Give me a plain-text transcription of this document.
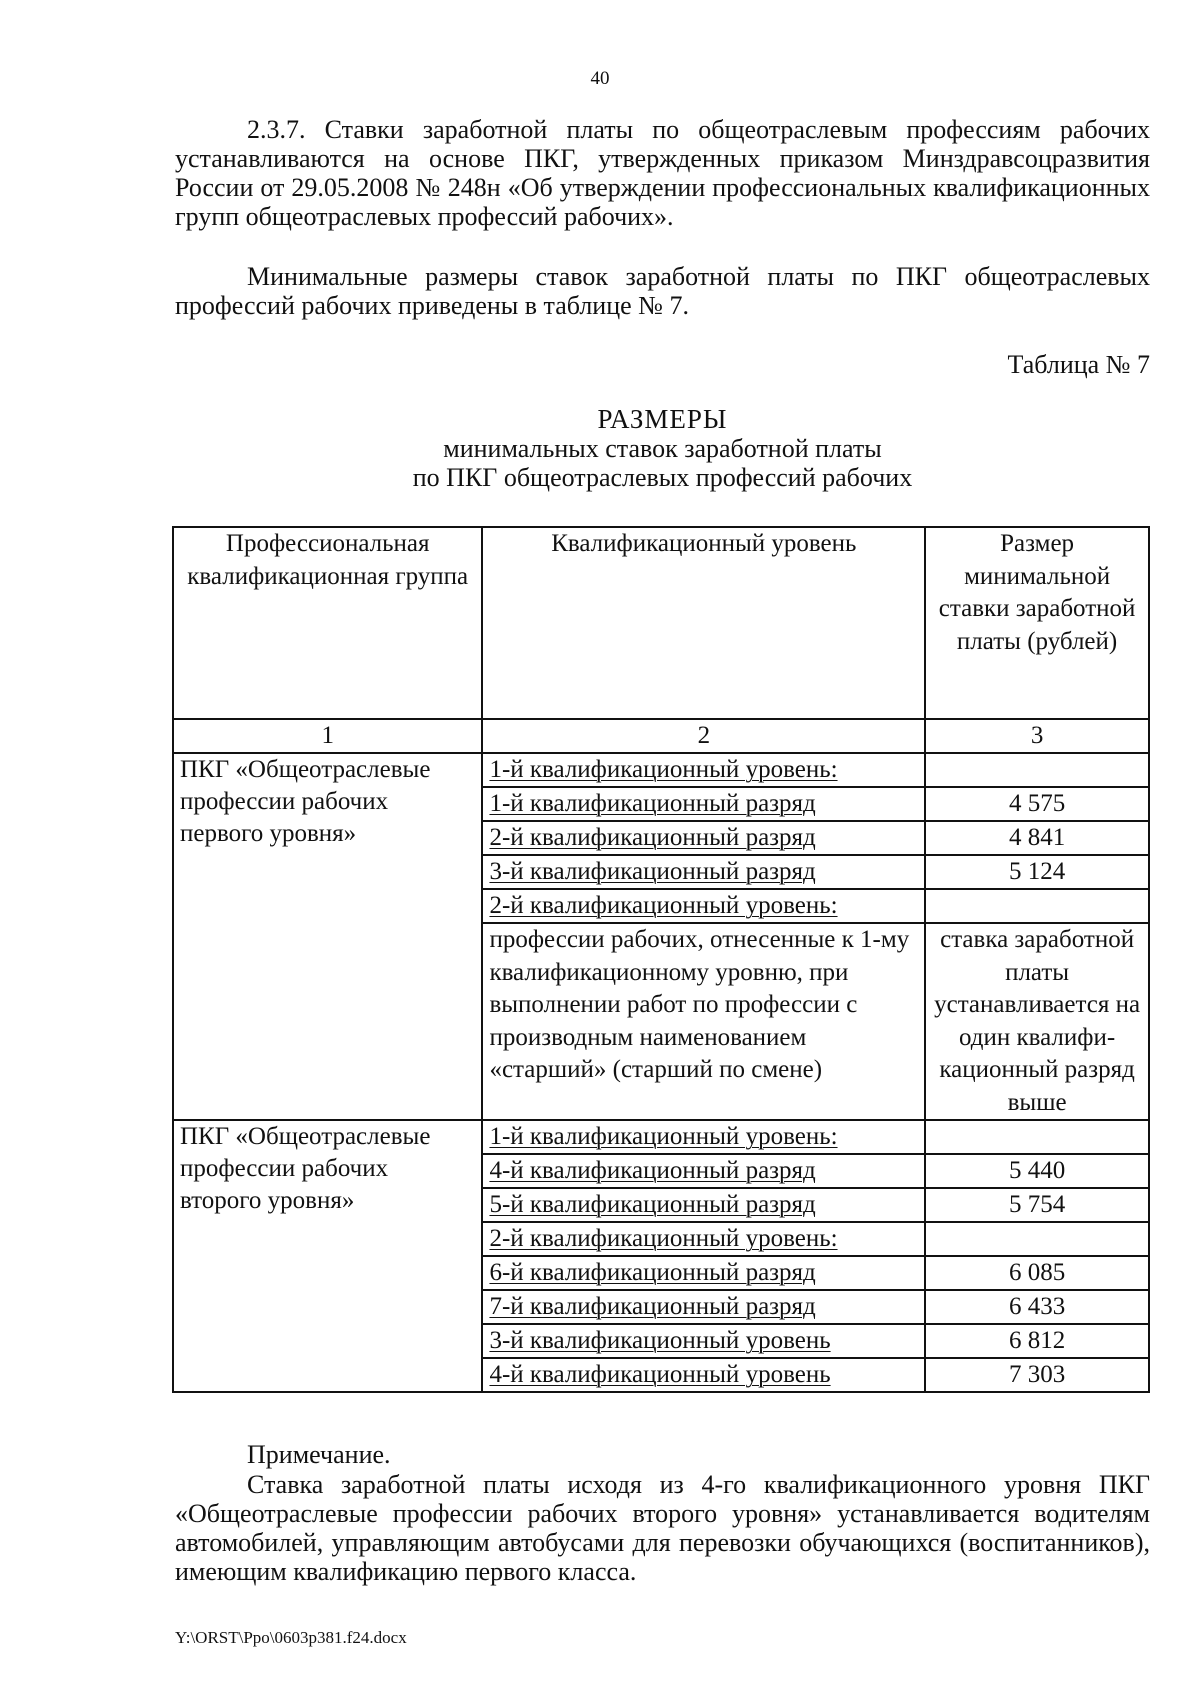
40
2.3.7. Ставки заработной платы по общеотраслевым профессиям рабочих устанавливаются на основе ПКГ, утвержденных приказом Минздравсоцразвития России от 29.05.2008 № 248н «Об утверждении профессиональных квалификационных групп общеотраслевых профессий рабочих».
Минимальные размеры ставок заработной платы по ПКГ общеотраслевых профессий рабочих приведены в таблице № 7.
Таблица № 7
РАЗМЕРЫ
минимальных ставок заработной платы
по ПКГ общеотраслевых профессий рабочих
Профессиональная квалификационная группа	Квалификационный уровень	Размер минимальной ставки заработной платы (рублей)
1	2	3
ПКГ «Общеотраслевые профессии рабочих первого уровня»	1-й квалификационный уровень:	
	1-й квалификационный разряд	4 575
	2-й квалификационный разряд	4 841
	3-й квалификационный разряд	5 124
	2-й квалификационный уровень:	
	профессии рабочих, отнесенные к 1-му квалификационному уровню, при выполнении работ по профессии с производным наименованием «старший» (старший по смене)	ставка заработной платы устанавливается на один квалифи-кационный разряд выше
ПКГ «Общеотраслевые профессии рабочих второго уровня»	1-й квалификационный уровень:	
	4-й квалификационный разряд	5 440
	5-й квалификационный разряд	5 754
	2-й квалификационный уровень:	
	6-й квалификационный разряд	6 085
	7-й квалификационный разряд	6 433
	3-й квалификационный уровень	6 812
	4-й квалификационный уровень	7 303
Примечание.
Ставка заработной платы исходя из 4-го квалификационного уровня ПКГ «Общеотраслевые профессии рабочих второго уровня» устанавливается водителям автомобилей, управляющим автобусами для перевозки обучающихся (воспитанников), имеющим квалификацию первого класса.
Y:\ORST\Ppo\0603p381.f24.docx
